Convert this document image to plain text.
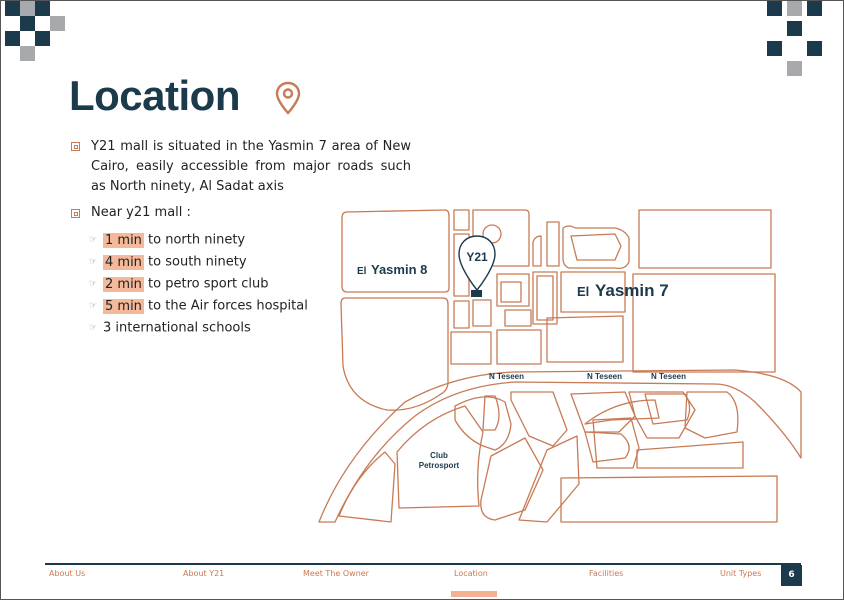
Location
Y21 mall is situated in the Yasmin 7 area of New Cairo, easily accessible from major roads such as North ninety, Al Sadat axis
Near y21 mall :
☞ 1 min to north ninety
☞ 4 min to south ninety
☞ 2 min to petro sport club
☞ 5 min to the Air forces hospital
☞ 3 international schools
Y21
El Yasmin 8
El Yasmin 7
N Teseen	N Teseen	N Teseen
Club
Petrosport
About Us	About Y21	Meet The Owner	Location	Facilities	Unit Types	6
